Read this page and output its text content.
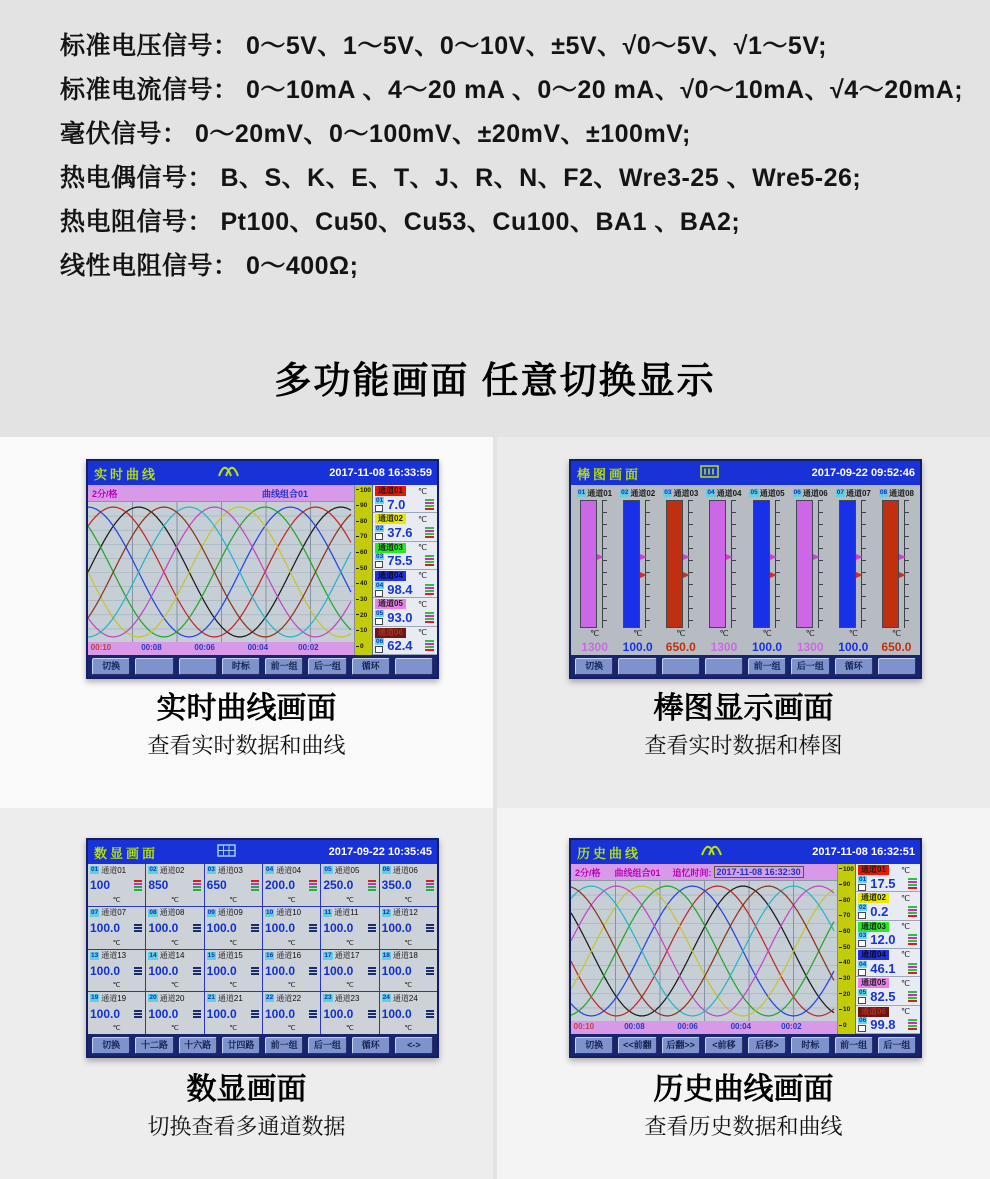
标准电压信号： 0～5V、1～5V、0～10V、±5V、√0～5V、√1～5V;
标准电流信号： 0～10mA 、4～20 mA 、0～20 mA、√0～10mA、√4～20mA;
毫伏信号： 0～20mV、0～100mV、±20mV、±100mV;
热电偶信号： B、S、K、E、T、J、R、N、F2、Wre3-25 、Wre5-26;
热电阻信号： Pt100、Cu50、Cu53、Cu100、BA1 、BA2;
线性电阻信号： 0～400Ω;
多功能画面 任意切换显示
实时曲线	2017-11-08 16:33:59
2分/格	曲线组合01
00:10	00:08	00:06	00:04	00:02
100
90
80
70
60
50
40
30
20
10
0
通道01	℃
01 7.0
通道02	℃
02 37.6
通道03	℃
03 75.5
通道04	℃
04 98.4
通道05	℃
05 93.0
通道06	℃
06 62.4
切换	时标	前一组	后一组	循环
实时曲线画面
查看实时数据和曲线
棒图画面	2017-09-22 09:52:46
01 通道01
℃
1300
02 通道02
℃
100.0
03 通道03
℃
650.0
04 通道04
℃
1300
05 通道05
℃
100.0
06 通道06
℃
1300
07 通道07
℃
100.0
08 通道08
℃
650.0
切换	前一组	后一组	循环
棒图显示画面
查看实时数据和棒图
数显画面	2017-09-22 10:35:45
01 通道01
100
℃
02 通道02
850
℃
03 通道03
650
℃
04 通道04
200.0
℃
05 通道05
250.0
℃
06 通道06
350.0
℃
07 通道07
100.0
℃
08 通道08
100.0
℃
09 通道09
100.0
℃
10 通道10
100.0
℃
11 通道11
100.0
℃
12 通道12
100.0
℃
13 通道13
100.0
℃
14 通道14
100.0
℃
15 通道15
100.0
℃
16 通道16
100.0
℃
17 通道17
100.0
℃
18 通道18
100.0
℃
19 通道19
100.0
℃
20 通道20
100.0
℃
21 通道21
100.0
℃
22 通道22
100.0
℃
23 通道23
100.0
℃
24 通道24
100.0
℃
切换	十二路	十六路	廿四路	前一组	后一组	循环	<->
数显画面
切换查看多通道数据
历史曲线	2017-11-08 16:32:51
2分/格 曲线组合01 追忆时间: 2017-11-08 16:32:30
00:10	00:08	00:06	00:04	00:02
100
90
80
70
60
50
40
30
20
10
0
通道01	℃
01 17.5
通道02	℃
02 0.2
通道03	℃
03 12.0
通道04	℃
04 46.1
通道05	℃
05 82.5
通道06	℃
06 99.8
切换	<<前翻	后翻>>	<前移	后移>	时标	前一组	后一组
历史曲线画面
查看历史数据和曲线
